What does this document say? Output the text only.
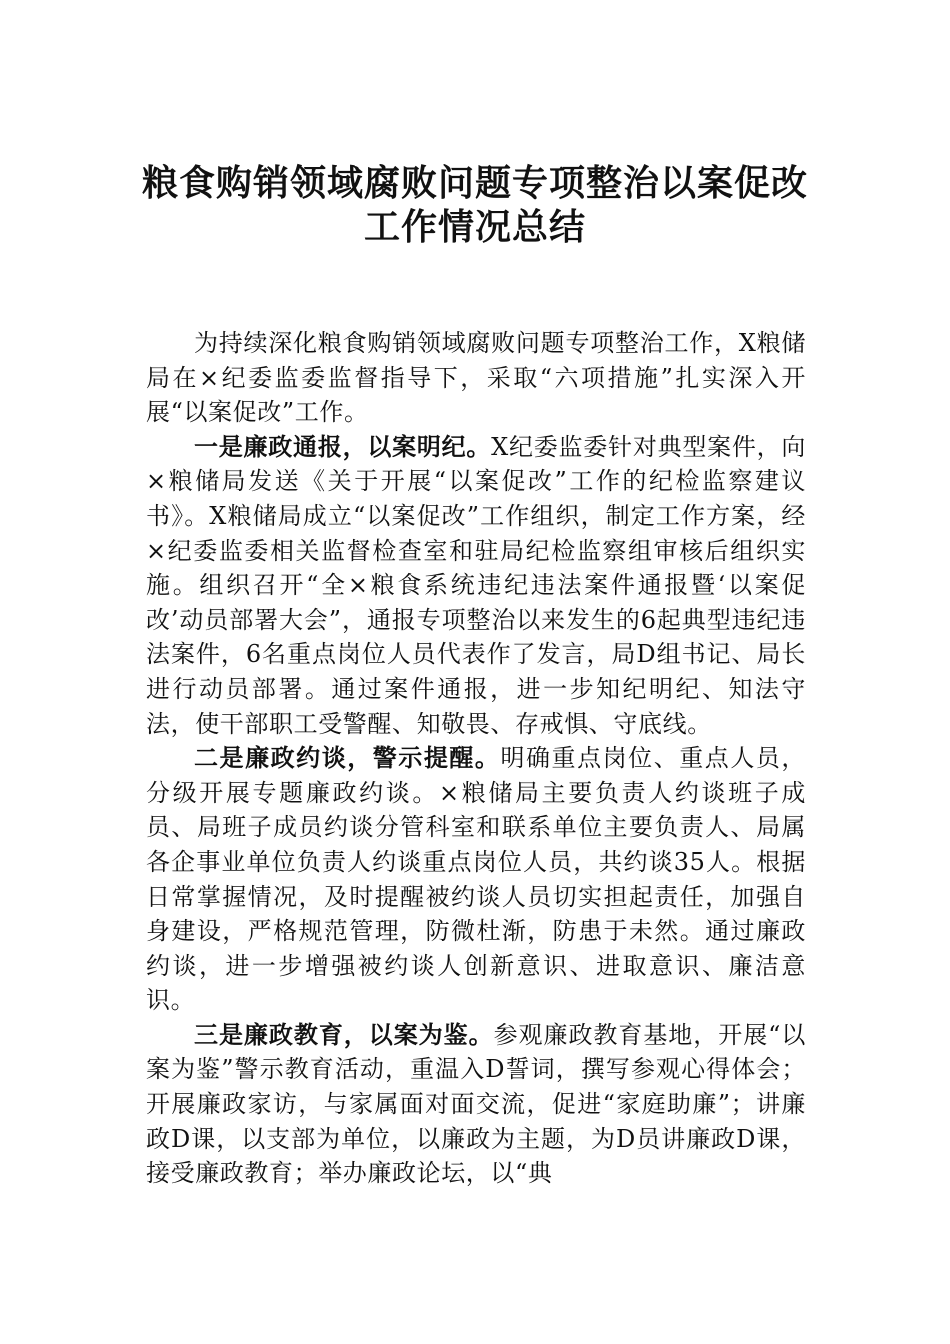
粮食购销领域腐败问题专项整治以案促改
工作情况总结

为持续深化粮食购销领域腐败问题专项整治工作，X粮储局在×纪委监委监督指导下，采取“六项措施”扎实深入开展“以案促改”工作。

一是廉政通报，以案明纪。X纪委监委针对典型案件，向×粮储局发送《关于开展“以案促改”工作的纪检监察建议书》。X粮储局成立“以案促改”工作组织，制定工作方案，经×纪委监委相关监督检查室和驻局纪检监察组审核后组织实施。组织召开“全×粮食系统违纪违法案件通报暨‘以案促改’动员部署大会”，通报专项整治以来发生的6起典型违纪违法案件，6名重点岗位人员代表作了发言，局D组书记、局长进行动员部署。通过案件通报，进一步知纪明纪、知法守法，使干部职工受警醒、知敬畏、存戒惧、守底线。

二是廉政约谈，警示提醒。明确重点岗位、重点人员，分级开展专题廉政约谈。×粮储局主要负责人约谈班子成员、局班子成员约谈分管科室和联系单位主要负责人、局属各企事业单位负责人约谈重点岗位人员，共约谈35人。根据日常掌握情况，及时提醒被约谈人员切实担起责任，加强自身建设，严格规范管理，防微杜渐，防患于未然。通过廉政约谈，进一步增强被约谈人创新意识、进取意识、廉洁意识。

三是廉政教育，以案为鉴。参观廉政教育基地，开展“以案为鉴”警示教育活动，重温入D誓词，撰写参观心得体会；开展廉政家访，与家属面对面交流，促进“家庭助廉”；讲廉政D课，以支部为单位，以廉政为主题，为D员讲廉政D课，接受廉政教育；举办廉政论坛，以“典
